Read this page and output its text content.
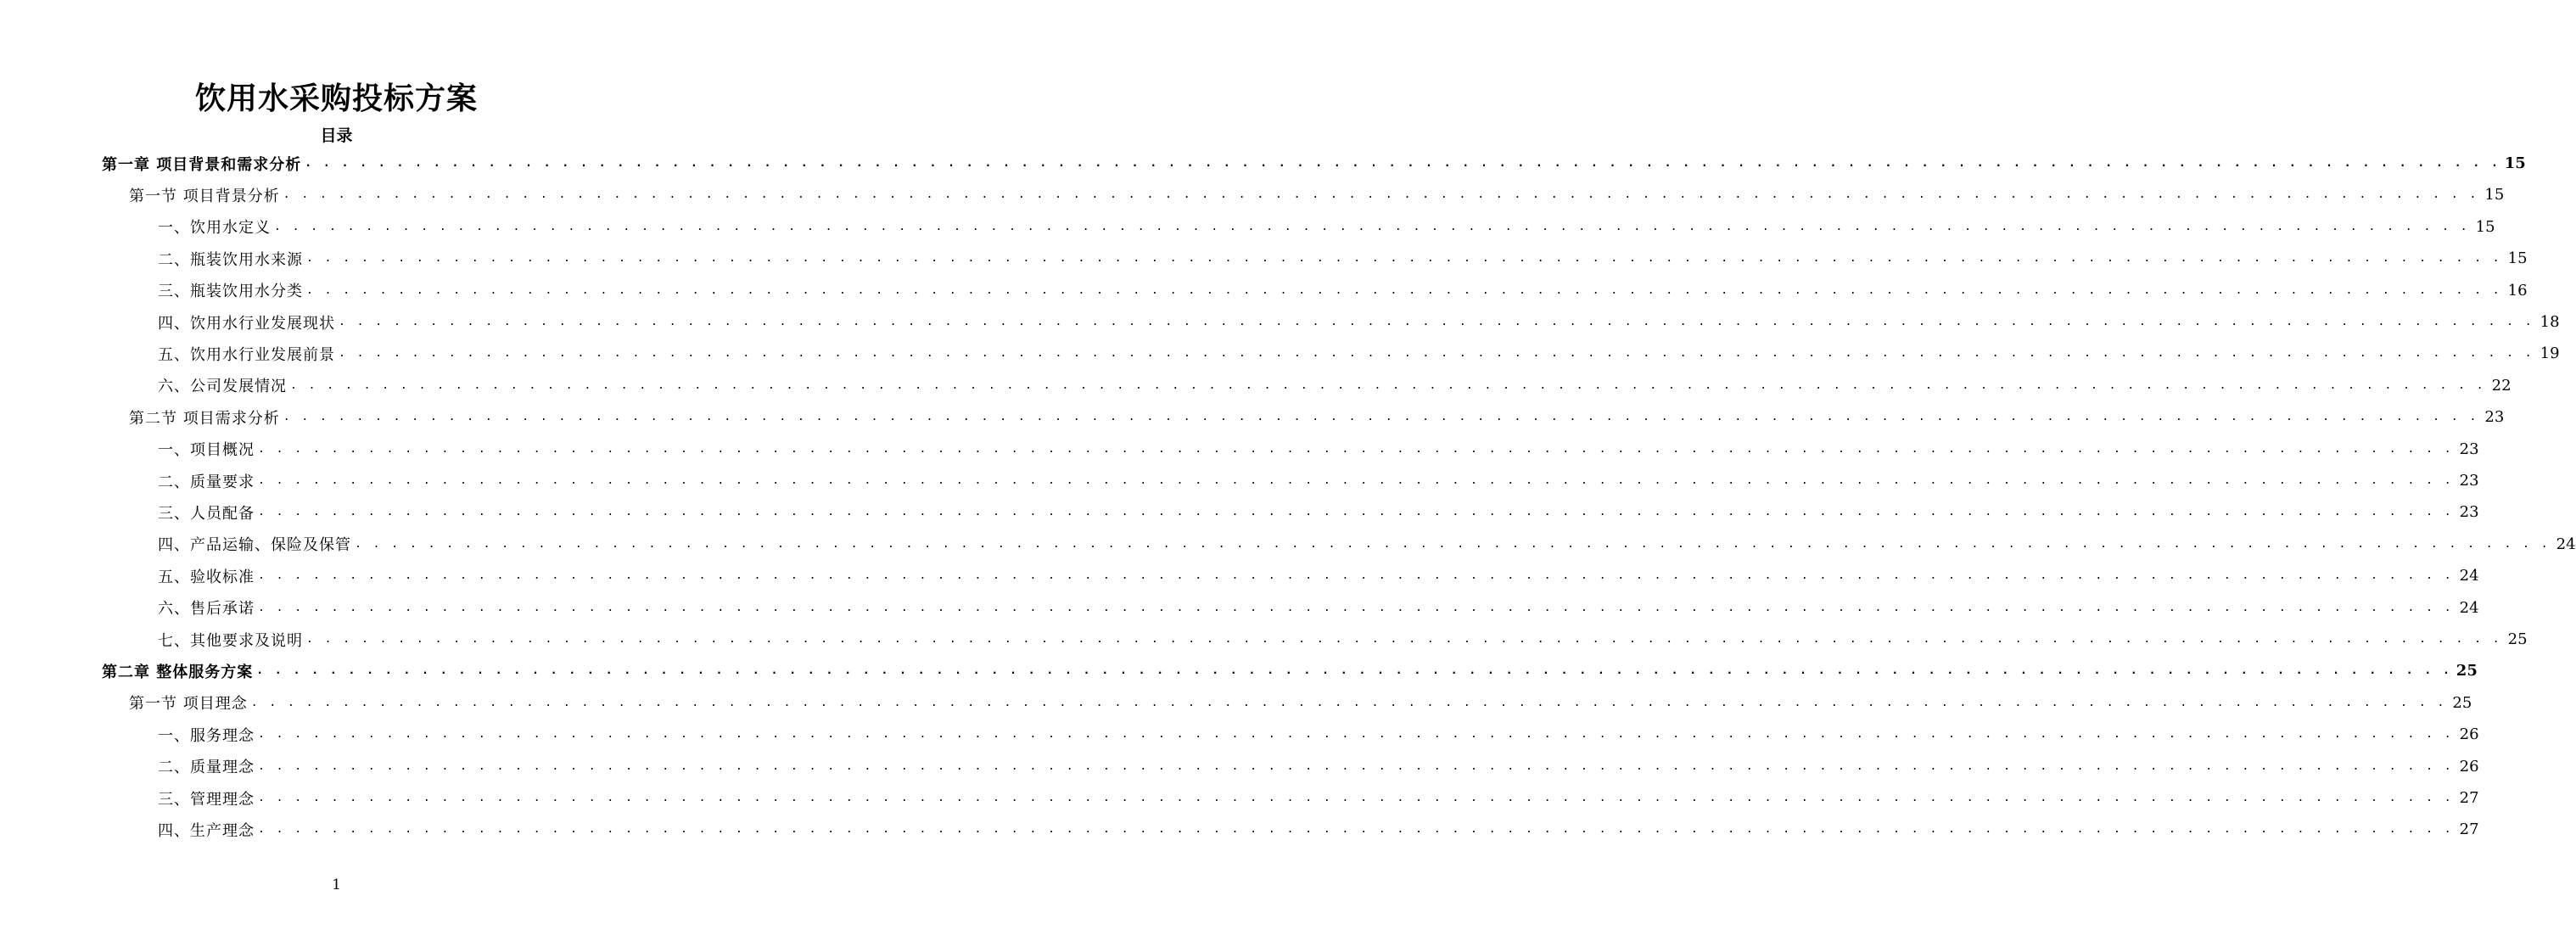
饮用水采购投标方案
目录
第一章 项目背景和需求分析 . . . . . . . . . . . . . . . . . . . . . . . . . . . . . . . . . . . . . . . . . . . . . . . . . . . . . . . . . . . . . . . . . . . . . . . . . . . . . . . . . . . . . . . . . . . . . . . . . . . . . . . . . . . . . . . . . . . . . . . . 15
第一节 项目背景分析 . . . . . . . . . . . . . . . . . . . . . . . . . . . . . . . . . . . . . . . . . . . . . . . . . . . . . . . . . . . . . . . . . . . . . . . . . . . . . . . . . . . . . . . . . . . . . . . . . . . . . . . . . . . . . . . . . . . . . . . . 15
一、饮用水定义 . . . . . . . . . . . . . . . . . . . . . . . . . . . . . . . . . . . . . . . . . . . . . . . . . . . . . . . . . . . . . . . . . . . . . . . . . . . . . . . . . . . . . . . . . . . . . . . . . . . . . . . . . . . . . . . . . . . . . . . . 15
二、瓶装饮用水来源 . . . . . . . . . . . . . . . . . . . . . . . . . . . . . . . . . . . . . . . . . . . . . . . . . . . . . . . . . . . . . . . . . . . . . . . . . . . . . . . . . . . . . . . . . . . . . . . . . . . . . . . . . . . . . . . . . . . . . . . . 15
三、瓶装饮用水分类 . . . . . . . . . . . . . . . . . . . . . . . . . . . . . . . . . . . . . . . . . . . . . . . . . . . . . . . . . . . . . . . . . . . . . . . . . . . . . . . . . . . . . . . . . . . . . . . . . . . . . . . . . . . . . . . . . . . . . . . . 16
四、饮用水行业发展现状 . . . . . . . . . . . . . . . . . . . . . . . . . . . . . . . . . . . . . . . . . . . . . . . . . . . . . . . . . . . . . . . . . . . . . . . . . . . . . . . . . . . . . . . . . . . . . . . . . . . . . . . . . . . . . . . . . . . . . . . . 18
五、饮用水行业发展前景 . . . . . . . . . . . . . . . . . . . . . . . . . . . . . . . . . . . . . . . . . . . . . . . . . . . . . . . . . . . . . . . . . . . . . . . . . . . . . . . . . . . . . . . . . . . . . . . . . . . . . . . . . . . . . . . . . . . . . . . . 19
六、公司发展情况 . . . . . . . . . . . . . . . . . . . . . . . . . . . . . . . . . . . . . . . . . . . . . . . . . . . . . . . . . . . . . . . . . . . . . . . . . . . . . . . . . . . . . . . . . . . . . . . . . . . . . . . . . . . . . . . . . . . . . . . . 22
第二节 项目需求分析 . . . . . . . . . . . . . . . . . . . . . . . . . . . . . . . . . . . . . . . . . . . . . . . . . . . . . . . . . . . . . . . . . . . . . . . . . . . . . . . . . . . . . . . . . . . . . . . . . . . . . . . . . . . . . . . . . . . . . . . . 23
一、项目概况 . . . . . . . . . . . . . . . . . . . . . . . . . . . . . . . . . . . . . . . . . . . . . . . . . . . . . . . . . . . . . . . . . . . . . . . . . . . . . . . . . . . . . . . . . . . . . . . . . . . . . . . . . . . . . . . . . . . . . . . . 23
二、质量要求 . . . . . . . . . . . . . . . . . . . . . . . . . . . . . . . . . . . . . . . . . . . . . . . . . . . . . . . . . . . . . . . . . . . . . . . . . . . . . . . . . . . . . . . . . . . . . . . . . . . . . . . . . . . . . . . . . . . . . . . . 23
三、人员配备 . . . . . . . . . . . . . . . . . . . . . . . . . . . . . . . . . . . . . . . . . . . . . . . . . . . . . . . . . . . . . . . . . . . . . . . . . . . . . . . . . . . . . . . . . . . . . . . . . . . . . . . . . . . . . . . . . . . . . . . . 23
四、产品运输、保险及保管 . . . . . . . . . . . . . . . . . . . . . . . . . . . . . . . . . . . . . . . . . . . . . . . . . . . . . . . . . . . . . . . . . . . . . . . . . . . . . . . . . . . . . . . . . . . . . . . . . . . . . . . . . . . . . . . . . . . . . . . . 24
五、验收标准 . . . . . . . . . . . . . . . . . . . . . . . . . . . . . . . . . . . . . . . . . . . . . . . . . . . . . . . . . . . . . . . . . . . . . . . . . . . . . . . . . . . . . . . . . . . . . . . . . . . . . . . . . . . . . . . . . . . . . . . . 24
六、售后承诺 . . . . . . . . . . . . . . . . . . . . . . . . . . . . . . . . . . . . . . . . . . . . . . . . . . . . . . . . . . . . . . . . . . . . . . . . . . . . . . . . . . . . . . . . . . . . . . . . . . . . . . . . . . . . . . . . . . . . . . . . 24
七、其他要求及说明 . . . . . . . . . . . . . . . . . . . . . . . . . . . . . . . . . . . . . . . . . . . . . . . . . . . . . . . . . . . . . . . . . . . . . . . . . . . . . . . . . . . . . . . . . . . . . . . . . . . . . . . . . . . . . . . . . . . . . . . . 25
第二章 整体服务方案 . . . . . . . . . . . . . . . . . . . . . . . . . . . . . . . . . . . . . . . . . . . . . . . . . . . . . . . . . . . . . . . . . . . . . . . . . . . . . . . . . . . . . . . . . . . . . . . . . . . . . . . . . . . . . . . . . . . . . . . . 25
第一节 项目理念 . . . . . . . . . . . . . . . . . . . . . . . . . . . . . . . . . . . . . . . . . . . . . . . . . . . . . . . . . . . . . . . . . . . . . . . . . . . . . . . . . . . . . . . . . . . . . . . . . . . . . . . . . . . . . . . . . . . . . . . . 25
一、服务理念 . . . . . . . . . . . . . . . . . . . . . . . . . . . . . . . . . . . . . . . . . . . . . . . . . . . . . . . . . . . . . . . . . . . . . . . . . . . . . . . . . . . . . . . . . . . . . . . . . . . . . . . . . . . . . . . . . . . . . . . . 26
二、质量理念 . . . . . . . . . . . . . . . . . . . . . . . . . . . . . . . . . . . . . . . . . . . . . . . . . . . . . . . . . . . . . . . . . . . . . . . . . . . . . . . . . . . . . . . . . . . . . . . . . . . . . . . . . . . . . . . . . . . . . . . . 26
三、管理理念 . . . . . . . . . . . . . . . . . . . . . . . . . . . . . . . . . . . . . . . . . . . . . . . . . . . . . . . . . . . . . . . . . . . . . . . . . . . . . . . . . . . . . . . . . . . . . . . . . . . . . . . . . . . . . . . . . . . . . . . . 27
四、生产理念 . . . . . . . . . . . . . . . . . . . . . . . . . . . . . . . . . . . . . . . . . . . . . . . . . . . . . . . . . . . . . . . . . . . . . . . . . . . . . . . . . . . . . . . . . . . . . . . . . . . . . . . . . . . . . . . . . . . . . . . . 27
1
